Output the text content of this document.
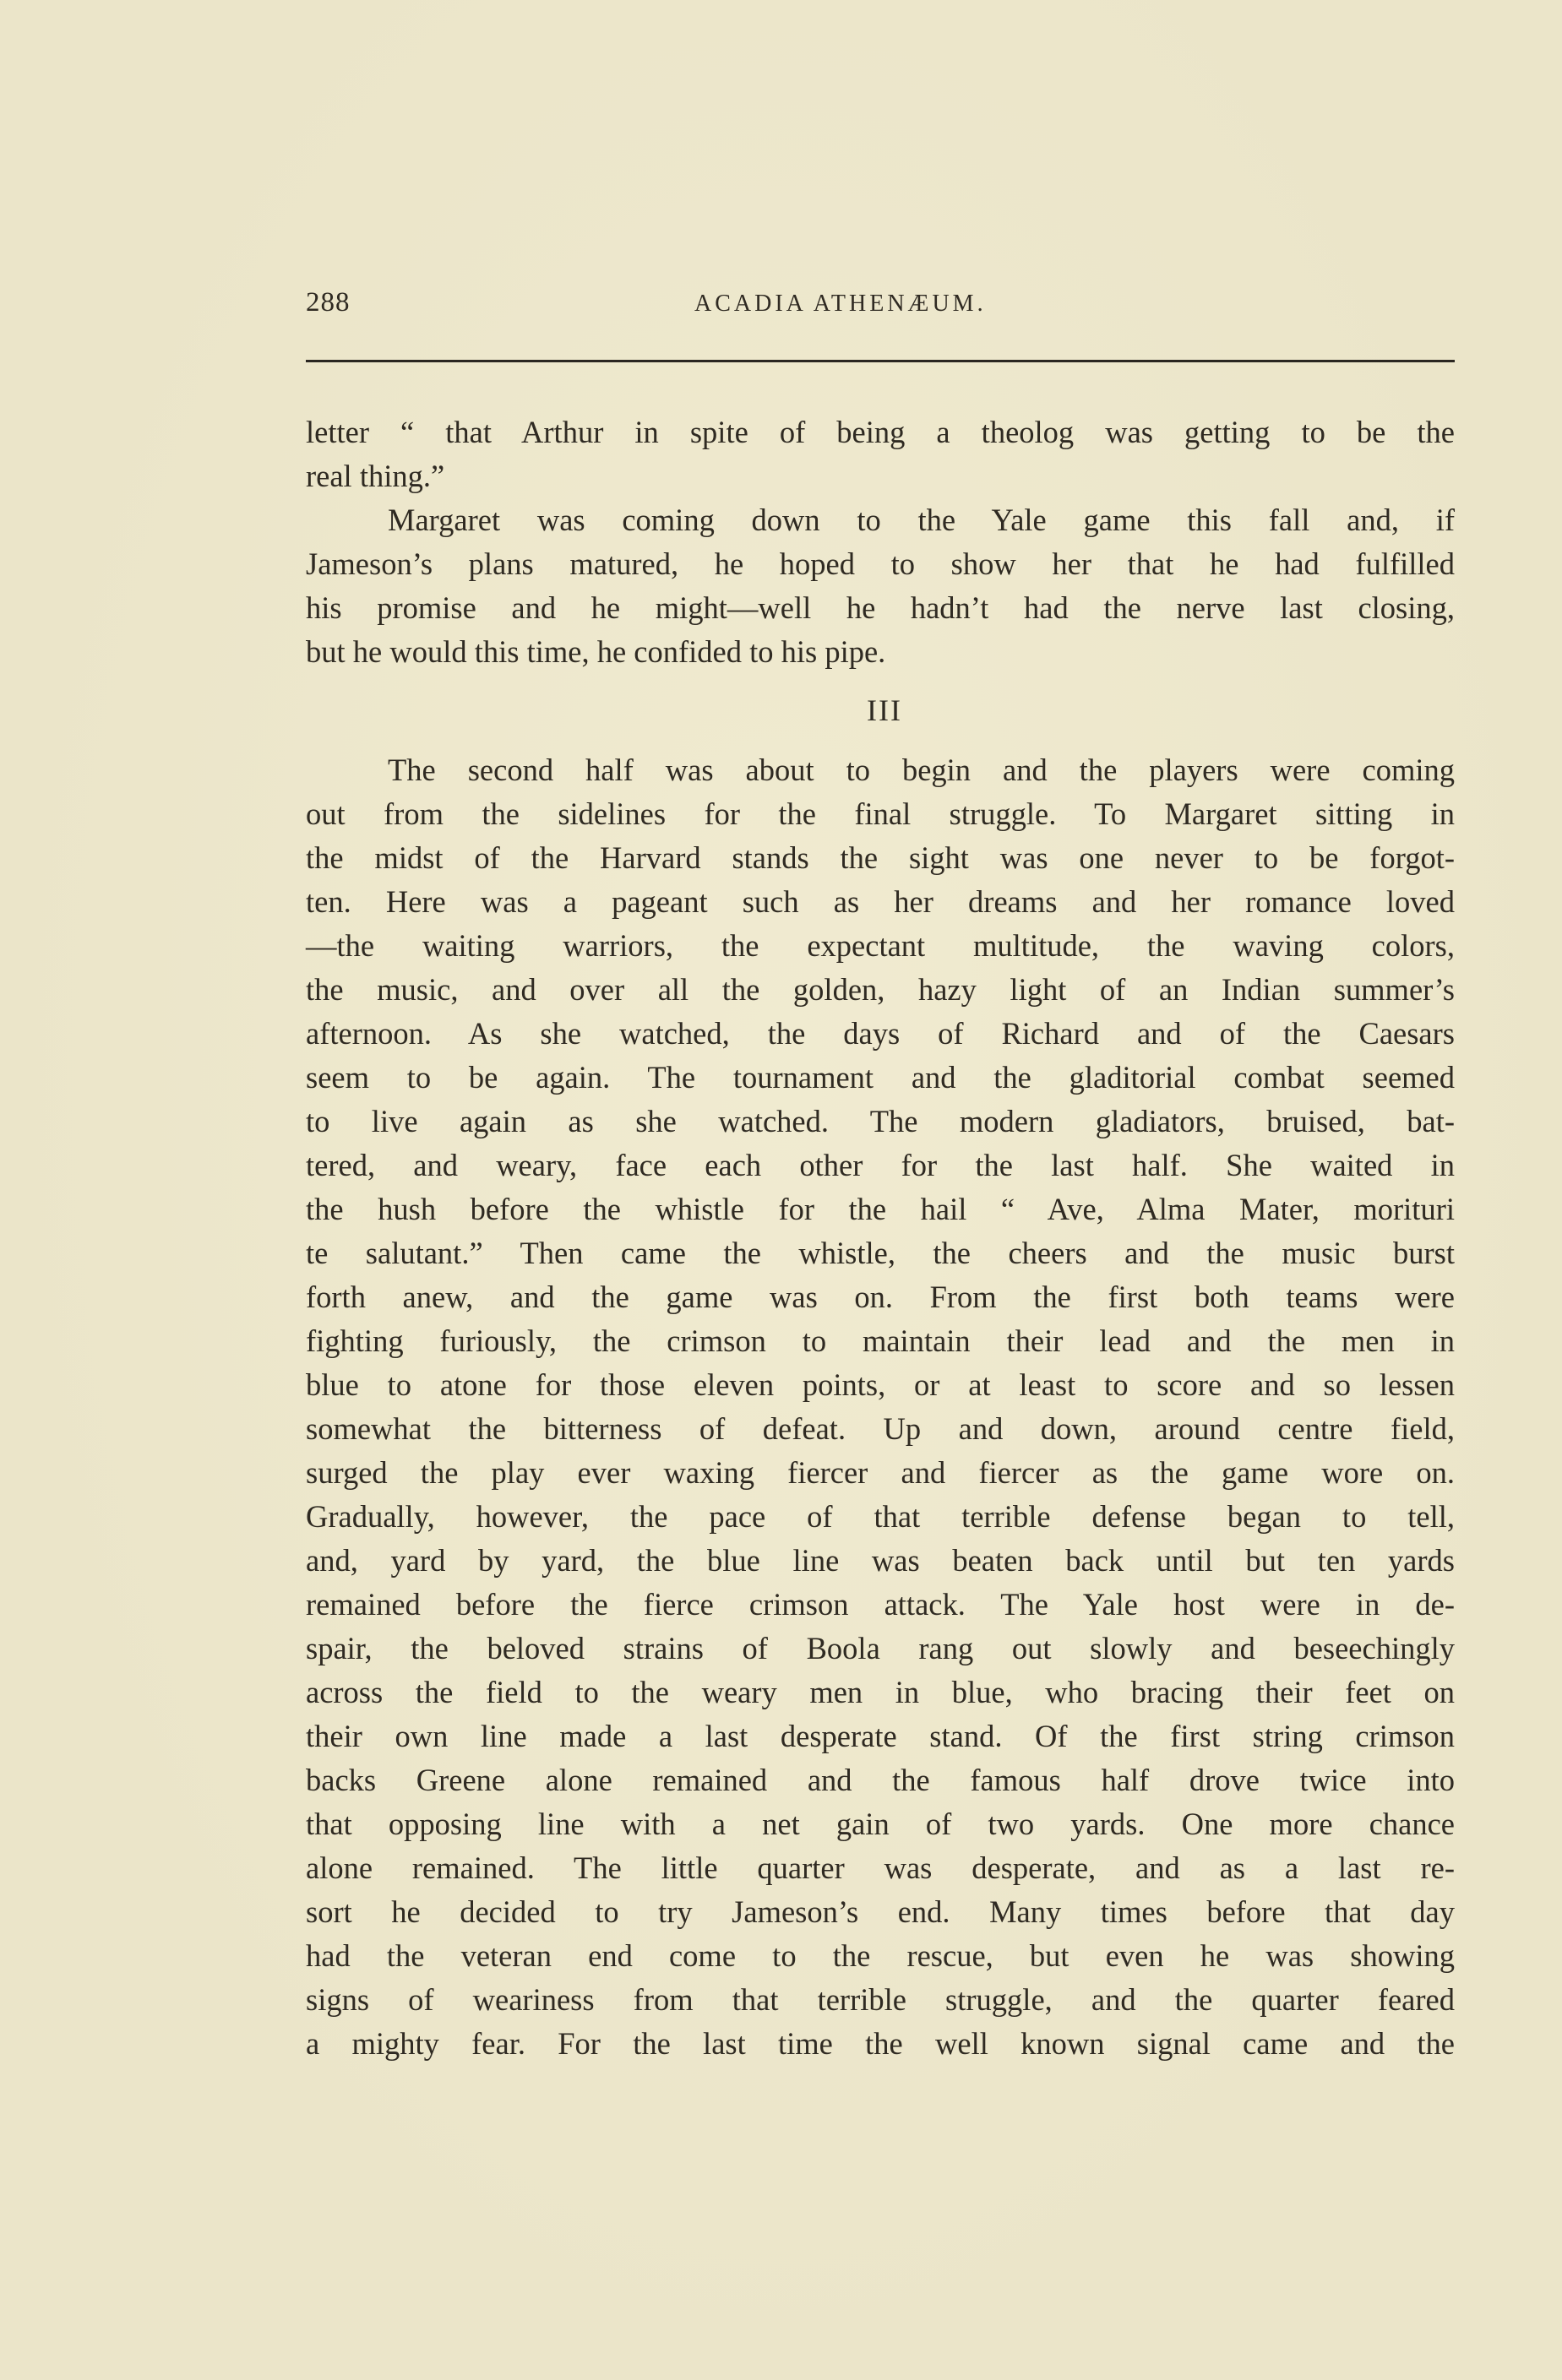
288	ACADIA ATHENÆUM.
letter “ that Arthur in spite of being a theolog was getting to be the
real thing.”
Margaret was coming down to the Yale game this fall and, if
Jameson’s plans matured, he hoped to show her that he had fulfilled
his promise and he might—well he hadn’t had the nerve last closing,
but he would this time, he confided to his pipe.
III
The second half was about to begin and the players were coming
out from the sidelines for the final struggle. To Margaret sitting in
the midst of the Harvard stands the sight was one never to be forgot-
ten. Here was a pageant such as her dreams and her romance loved
—the waiting warriors, the expectant multitude, the waving colors,
the music, and over all the golden, hazy light of an Indian summer’s
afternoon. As she watched, the days of Richard and of the Caesars
seem to be again. The tournament and the gladitorial combat seemed
to live again as she watched. The modern gladiators, bruised, bat-
tered, and weary, face each other for the last half. She waited in
the hush before the whistle for the hail “ Ave, Alma Mater, morituri
te salutant.” Then came the whistle, the cheers and the music burst
forth anew, and the game was on. From the first both teams were
fighting furiously, the crimson to maintain their lead and the men in
blue to atone for those eleven points, or at least to score and so lessen
somewhat the bitterness of defeat. Up and down, around centre field,
surged the play ever waxing fiercer and fiercer as the game wore on.
Gradually, however, the pace of that terrible defense began to tell,
and, yard by yard, the blue line was beaten back until but ten yards
remained before the fierce crimson attack. The Yale host were in de-
spair, the beloved strains of Boola rang out slowly and beseechingly
across the field to the weary men in blue, who bracing their feet on
their own line made a last desperate stand. Of the first string crimson
backs Greene alone remained and the famous half drove twice into
that opposing line with a net gain of two yards. One more chance
alone remained. The little quarter was desperate, and as a last re-
sort he decided to try Jameson’s end. Many times before that day
had the veteran end come to the rescue, but even he was showing
signs of weariness from that terrible struggle, and the quarter feared
a mighty fear. For the last time the well known signal came and the
